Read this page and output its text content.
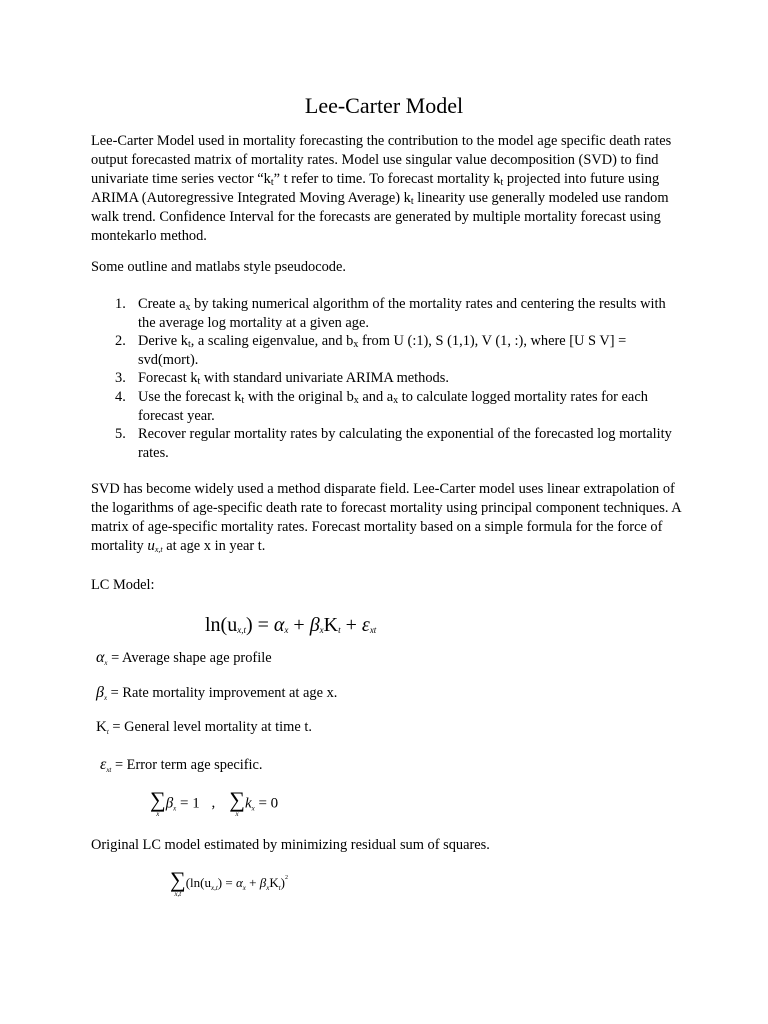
Lee-Carter Model
Lee-Carter Model used in mortality forecasting the contribution to the model age specific death rates output forecasted matrix of mortality rates. Model use singular value decomposition (SVD) to find univariate time series vector “$k_t$” t refer to time. To forecast mortality $k_t$ projected into future using ARIMA (Autoregressive Integrated Moving Average) $k_t$ linearity use generally modeled use random walk trend. Confidence Interval for the forecasts are generated by multiple mortality forecast using montekarlo method.
Some outline and matlabs style pseudocode.
1. Create $a_x$ by taking numerical algorithm of the mortality rates and centering the results with the average log mortality at a given age.
2. Derive $k_t$, a scaling eigenvalue, and $b_x$ from U (:1), S (1,1), V (1, :), where [U S V] = svd(mort).
3. Forecast $k_t$ with standard univariate ARIMA methods.
4. Use the forecast $k_t$ with the original $b_x$ and $a_x$ to calculate logged mortality rates for each forecast year.
5. Recover regular mortality rates by calculating the exponential of the forecasted log mortality rates.
SVD has become widely used a method disparate field. Lee-Carter model uses linear extrapolation of the logarithms of age-specific death rate to forecast mortality using principal component techniques. A matrix of age-specific mortality rates. Forecast mortality based on a simple formula for the force of mortality $u_{x,t}$ at age x in year t.
LC Model:
$\ln(u_{x,t}) = \alpha_x + \beta_xK_t + \varepsilon_{xt}$
$\alpha_x$ = Average shape age profile
$\beta_x$ = Rate mortality improvement at age x.
$K_t$ = General level mortality at time t.
$\varepsilon_{xt}$ = Error term age specific.
∑
x
$\beta_x = 1$ , ∑
x
$k_x = 0$
Original LC model estimated by minimizing residual sum of squares.
∑
x,t
$(\ln(u_{x,t}) = \alpha_x + \beta_xK_t)^2$
